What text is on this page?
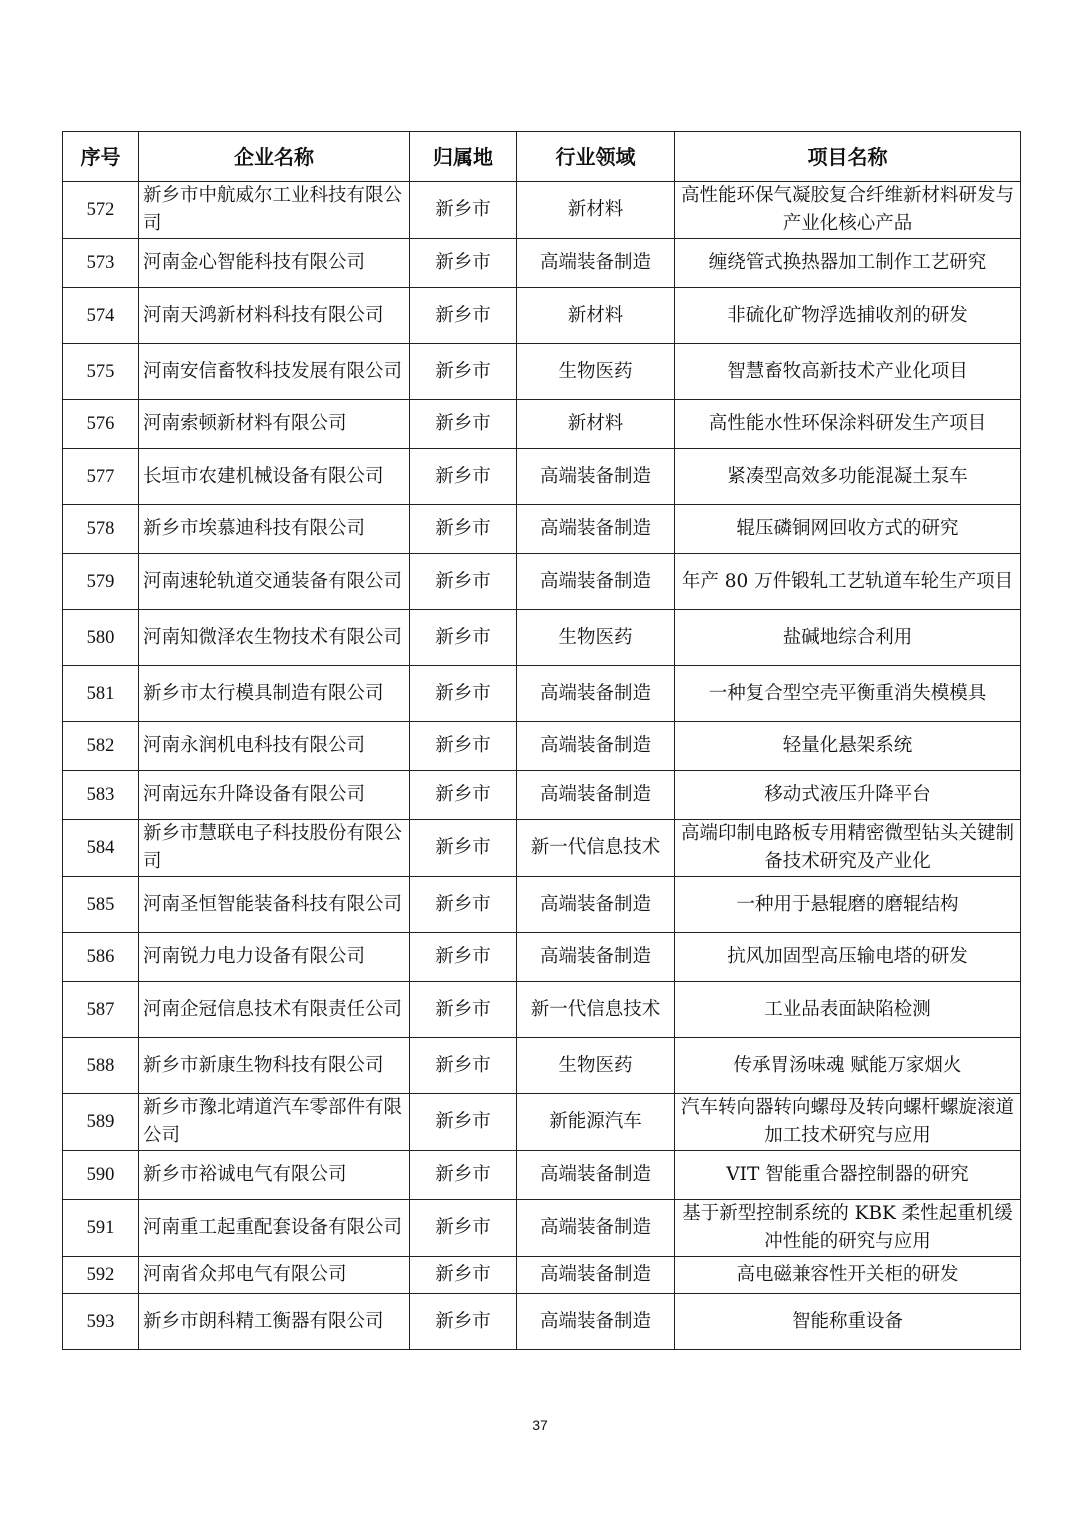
序号	企业名称	归属地	行业领域	项目名称
572	新乡市中航威尔工业科技有限公司	新乡市	新材料	高性能环保气凝胶复合纤维新材料研发与产业化核心产品
573	河南金心智能科技有限公司	新乡市	高端装备制造	缠绕管式换热器加工制作工艺研究
574	河南天鸿新材料科技有限公司	新乡市	新材料	非硫化矿物浮选捕收剂的研发
575	河南安信畜牧科技发展有限公司	新乡市	生物医药	智慧畜牧高新技术产业化项目
576	河南索顿新材料有限公司	新乡市	新材料	高性能水性环保涂料研发生产项目
577	长垣市农建机械设备有限公司	新乡市	高端装备制造	紧凑型高效多功能混凝土泵车
578	新乡市埃慕迪科技有限公司	新乡市	高端装备制造	辊压磷铜网回收方式的研究
579	河南速轮轨道交通装备有限公司	新乡市	高端装备制造	年产 80 万件锻轧工艺轨道车轮生产项目
580	河南知微泽农生物技术有限公司	新乡市	生物医药	盐碱地综合利用
581	新乡市太行模具制造有限公司	新乡市	高端装备制造	一种复合型空壳平衡重消失模模具
582	河南永润机电科技有限公司	新乡市	高端装备制造	轻量化悬架系统
583	河南远东升降设备有限公司	新乡市	高端装备制造	移动式液压升降平台
584	新乡市慧联电子科技股份有限公司	新乡市	新一代信息技术	高端印制电路板专用精密微型钻头关键制备技术研究及产业化
585	河南圣恒智能装备科技有限公司	新乡市	高端装备制造	一种用于悬辊磨的磨辊结构
586	河南锐力电力设备有限公司	新乡市	高端装备制造	抗风加固型高压输电塔的研发
587	河南企冠信息技术有限责任公司	新乡市	新一代信息技术	工业品表面缺陷检测
588	新乡市新康生物科技有限公司	新乡市	生物医药	传承胃汤味魂 赋能万家烟火
589	新乡市豫北靖道汽车零部件有限公司	新乡市	新能源汽车	汽车转向器转向螺母及转向螺杆螺旋滚道加工技术研究与应用
590	新乡市裕诚电气有限公司	新乡市	高端装备制造	VIT 智能重合器控制器的研究
591	河南重工起重配套设备有限公司	新乡市	高端装备制造	基于新型控制系统的 KBK 柔性起重机缓冲性能的研究与应用
592	河南省众邦电气有限公司	新乡市	高端装备制造	高电磁兼容性开关柜的研发
593	新乡市朗科精工衡器有限公司	新乡市	高端装备制造	智能称重设备
37
